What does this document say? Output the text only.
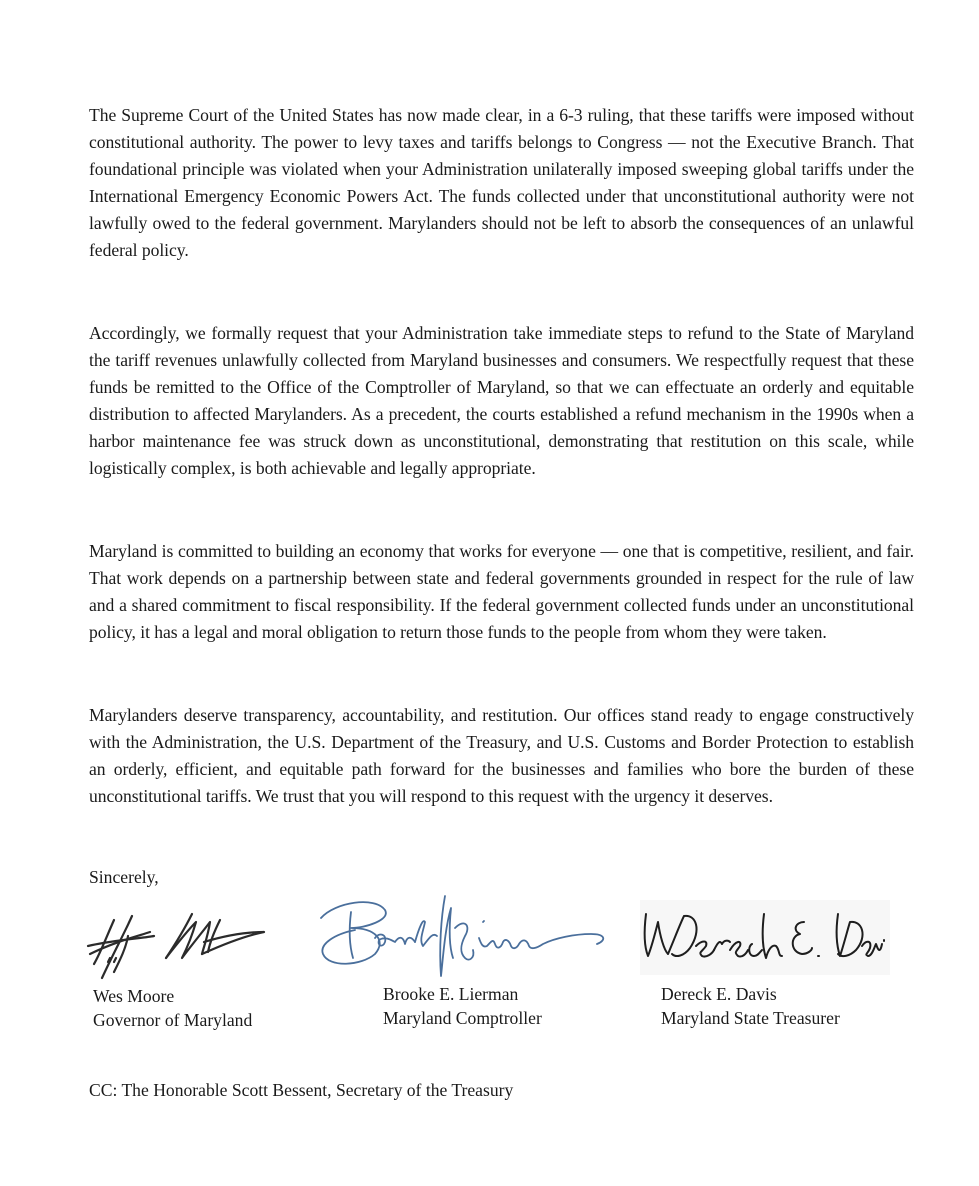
The Supreme Court of the United States has now made clear, in a 6-3 ruling, that these tariffs were imposed without constitutional authority. The power to levy taxes and tariffs belongs to Congress — not the Executive Branch. That foundational principle was violated when your Administration unilaterally imposed sweeping global tariffs under the International Emergency Economic Powers Act. The funds collected under that unconstitutional authority were not lawfully owed to the federal government. Marylanders should not be left to absorb the consequences of an unlawful federal policy.

Accordingly, we formally request that your Administration take immediate steps to refund to the State of Maryland the tariff revenues unlawfully collected from Maryland businesses and consumers. We respectfully request that these funds be remitted to the Office of the Comptroller of Maryland, so that we can effectuate an orderly and equitable distribution to affected Marylanders. As a precedent, the courts established a refund mechanism in the 1990s when a harbor maintenance fee was struck down as unconstitutional, demonstrating that restitution on this scale, while logistically complex, is both achievable and legally appropriate.

Maryland is committed to building an economy that works for everyone — one that is competitive, resilient, and fair. That work depends on a partnership between state and federal governments grounded in respect for the rule of law and a shared commitment to fiscal responsibility. If the federal government collected funds under an unconstitutional policy, it has a legal and moral obligation to return those funds to the people from whom they were taken.

Marylanders deserve transparency, accountability, and restitution. Our offices stand ready to engage constructively with the Administration, the U.S. Department of the Treasury, and U.S. Customs and Border Protection to establish an orderly, efficient, and equitable path forward for the businesses and families who bore the burden of these unconstitutional tariffs. We trust that you will respond to this request with the urgency it deserves.

Sincerely,
Wes Moore
Governor of Maryland
Brooke E. Lierman
Maryland Comptroller
Dereck E. Davis
Maryland State Treasurer
CC: The Honorable Scott Bessent, Secretary of the Treasury
